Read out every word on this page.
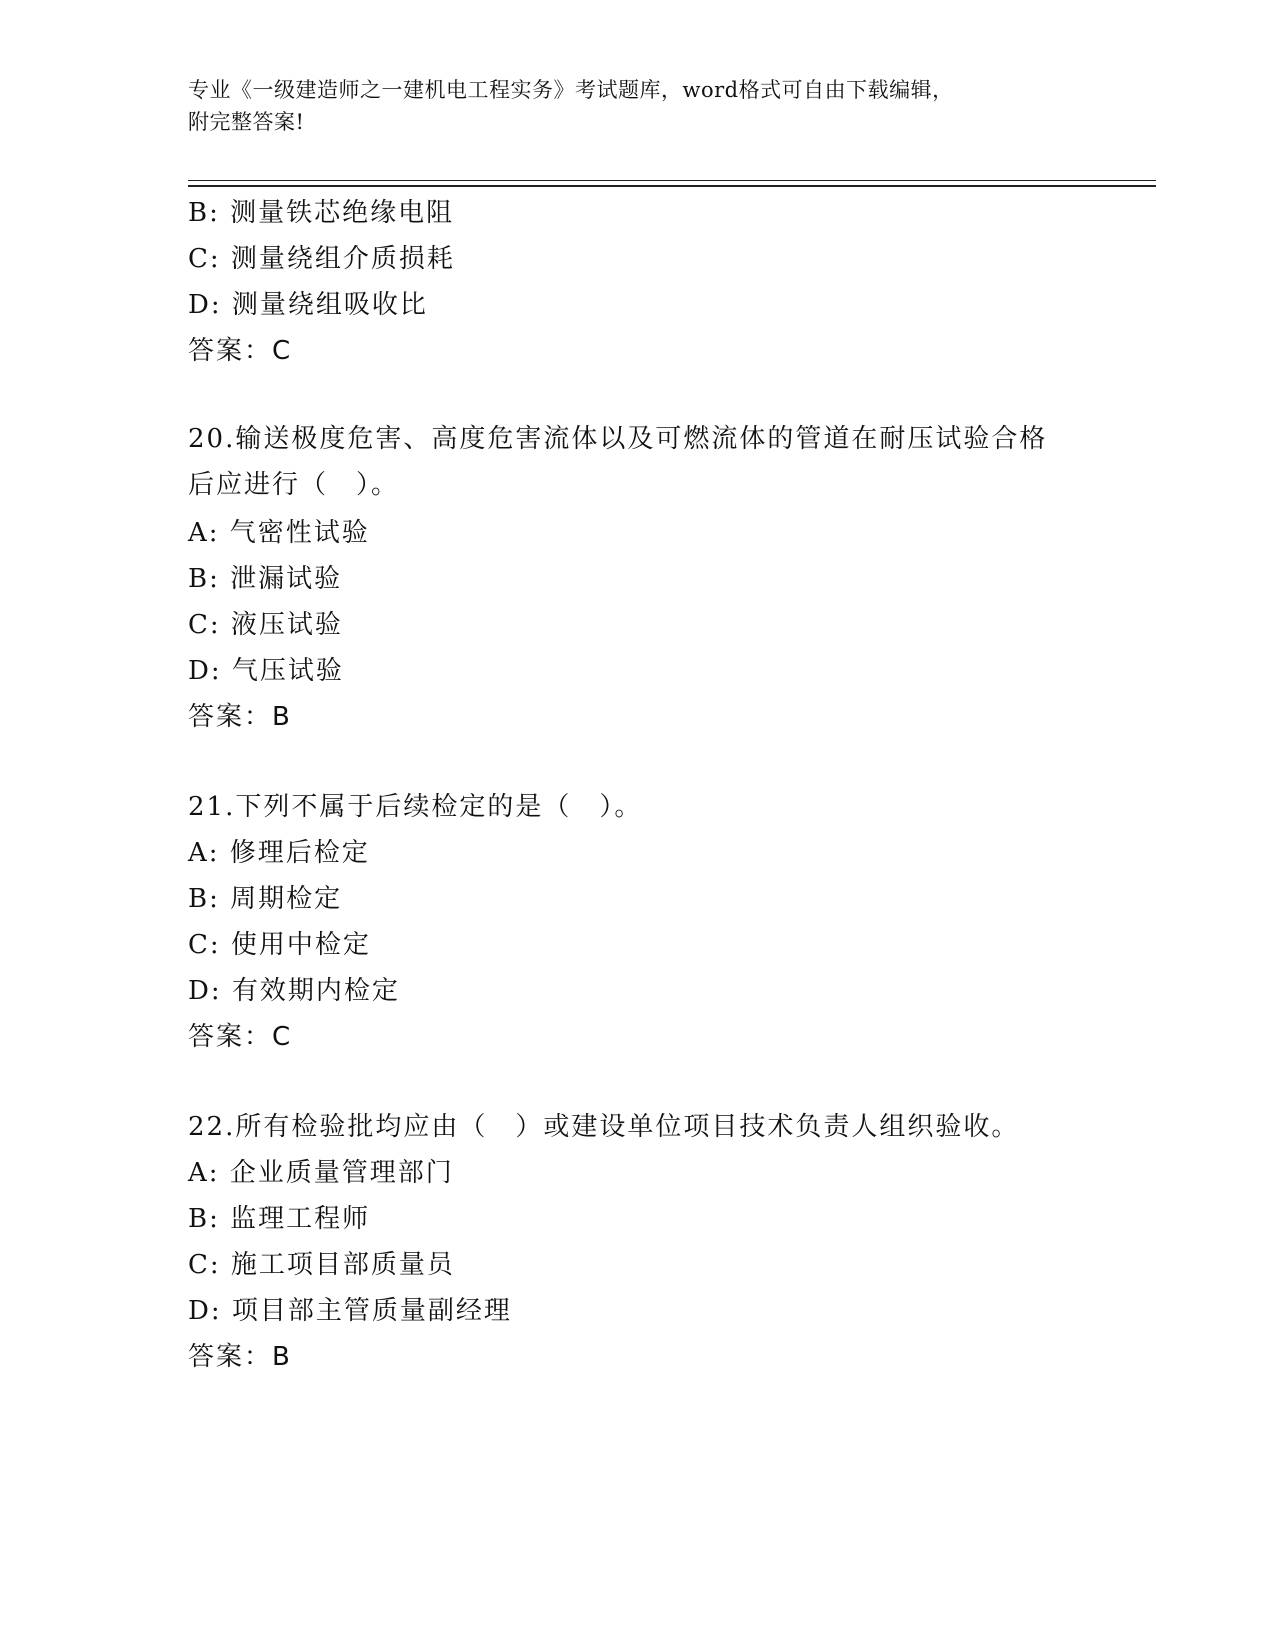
专业《一级建造师之一建机电工程实务》考试题库，word格式可自由下载编辑，
附完整答案!
B: 测量铁芯绝缘电阻
C: 测量绕组介质损耗
D: 测量绕组吸收比
答案：C
20.输送极度危害、高度危害流体以及可燃流体的管道在耐压试验合格
后应进行（　）。
A: 气密性试验
B: 泄漏试验
C: 液压试验
D: 气压试验
答案：B
21.下列不属于后续检定的是（　）。
A: 修理后检定
B: 周期检定
C: 使用中检定
D: 有效期内检定
答案：C
22.所有检验批均应由（　）或建设单位项目技术负责人组织验收。
A: 企业质量管理部门
B: 监理工程师
C: 施工项目部质量员
D: 项目部主管质量副经理
答案：B
